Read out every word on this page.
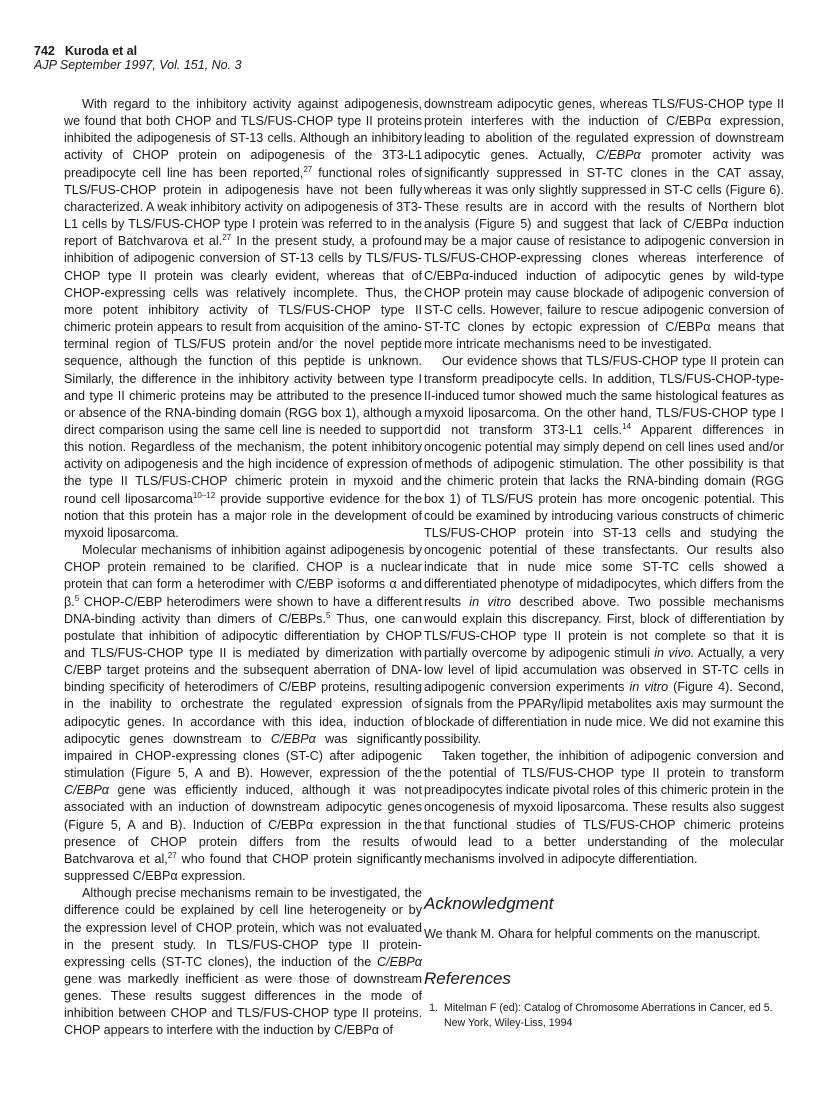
742 Kuroda et al
AJP September 1997, Vol. 151, No. 3

With regard to the inhibitory activity against adipogenesis, we found that both CHOP and TLS/FUS-CHOP type II proteins inhibited the adipogenesis of ST-13 cells. Although an inhibitory activity of CHOP protein on adipogenesis of the 3T3-L1 preadipocyte cell line has been reported,$^{27}$ functional roles of TLS/FUS-CHOP protein in adipogenesis have not been fully characterized. A weak inhibitory activity on adipogenesis of 3T3-L1 cells by TLS/FUS-CHOP type I protein was referred to in the report of Batchvarova et al.$^{27}$ In the present study, a profound inhibition of adipogenic conversion of ST-13 cells by TLS/FUS-CHOP type II protein was clearly evident, whereas that of CHOP-expressing cells was relatively incomplete. Thus, the more potent inhibitory activity of TLS/FUS-CHOP type II chimeric protein appears to result from acquisition of the amino-terminal region of TLS/FUS protein and/or the novel peptide sequence, although the function of this peptide is unknown. Similarly, the difference in the inhibitory activity between type I and type II chimeric proteins may be attributed to the presence or absence of the RNA-binding domain (RGG box 1), although a direct comparison using the same cell line is needed to support this notion. Regardless of the mechanism, the potent inhibitory activity on adipogenesis and the high incidence of expression of the type II TLS/FUS-CHOP chimeric protein in myxoid and round cell liposarcoma$^{10-12}$ provide supportive evidence for the notion that this protein has a major role in the development of myxoid liposarcoma.

Molecular mechanisms of inhibition against adipogenesis by CHOP protein remained to be clarified. CHOP is a nuclear protein that can form a heterodimer with C/EBP isoforms α and β.$^5$ CHOP-C/EBP heterodimers were shown to have a different DNA-binding activity than dimers of C/EBPs.$^5$ Thus, one can postulate that inhibition of adipocytic differentiation by CHOP and TLS/FUS-CHOP type II is mediated by dimerization with C/EBP target proteins and the subsequent aberration of DNA-binding specificity of heterodimers of C/EBP proteins, resulting in the inability to orchestrate the regulated expression of adipocytic genes. In accordance with this idea, induction of adipocytic genes downstream to C/EBPα was significantly impaired in CHOP-expressing clones (ST-C) after adipogenic stimulation (Figure 5, A and B). However, expression of the C/EBPα gene was efficiently induced, although it was not associated with an induction of downstream adipocytic genes (Figure 5, A and B). Induction of C/EBPα expression in the presence of CHOP protein differs from the results of Batchvarova et al,$^{27}$ who found that CHOP protein significantly suppressed C/EBPα expression.

Although precise mechanisms remain to be investigated, the difference could be explained by cell line heterogeneity or by the expression level of CHOP protein, which was not evaluated in the present study. In TLS/FUS-CHOP type II protein-expressing cells (ST-TC clones), the induction of the C/EBPα gene was markedly inefficient as were those of downstream genes. These results suggest differences in the mode of inhibition between CHOP and TLS/FUS-CHOP type II proteins. CHOP appears to interfere with the induction by C/EBPα of

downstream adipocytic genes, whereas TLS/FUS-CHOP type II protein interferes with the induction of C/EBPα expression, leading to abolition of the regulated expression of downstream adipocytic genes. Actually, C/EBPα promoter activity was significantly suppressed in ST-TC clones in the CAT assay, whereas it was only slightly suppressed in ST-C cells (Figure 6). These results are in accord with the results of Northern blot analysis (Figure 5) and suggest that lack of C/EBPα induction may be a major cause of resistance to adipogenic conversion in TLS/FUS-CHOP-expressing clones whereas interference of C/EBPα-induced induction of adipocytic genes by wild-type CHOP protein may cause blockade of adipogenic conversion of ST-C cells. However, failure to rescue adipogenic conversion of ST-TC clones by ectopic expression of C/EBPα means that more intricate mechanisms need to be investigated.

Our evidence shows that TLS/FUS-CHOP type II protein can transform preadipocyte cells. In addition, TLS/FUS-CHOP-type-II-induced tumor showed much the same histological features as myxoid liposarcoma. On the other hand, TLS/FUS-CHOP type I did not transform 3T3-L1 cells.$^{14}$ Apparent differences in oncogenic potential may simply depend on cell lines used and/or methods of adipogenic stimulation. The other possibility is that the chimeric protein that lacks the RNA-binding domain (RGG box 1) of TLS/FUS protein has more oncogenic potential. This could be examined by introducing various constructs of chimeric TLS/FUS-CHOP protein into ST-13 cells and studying the oncogenic potential of these transfectants. Our results also indicate that in nude mice some ST-TC cells showed a differentiated phenotype of midadipocytes, which differs from the results in vitro described above. Two possible mechanisms would explain this discrepancy. First, block of differentiation by TLS/FUS-CHOP type II protein is not complete so that it is partially overcome by adipogenic stimuli in vivo. Actually, a very low level of lipid accumulation was observed in ST-TC cells in adipogenic conversion experiments in vitro (Figure 4). Second, signals from the PPARγ/lipid metabolites axis may surmount the blockade of differentiation in nude mice. We did not examine this possibility.

Taken together, the inhibition of adipogenic conversion and the potential of TLS/FUS-CHOP type II protein to transform preadipocytes indicate pivotal roles of this chimeric protein in the oncogenesis of myxoid liposarcoma. These results also suggest that functional studies of TLS/FUS-CHOP chimeric proteins would lead to a better understanding of the molecular mechanisms involved in adipocyte differentiation.

Acknowledgment

We thank M. Ohara for helpful comments on the manuscript.

References
1. Mitelman F (ed): Catalog of Chromosome Aberrations in Cancer, ed 5. New York, Wiley-Liss, 1994
